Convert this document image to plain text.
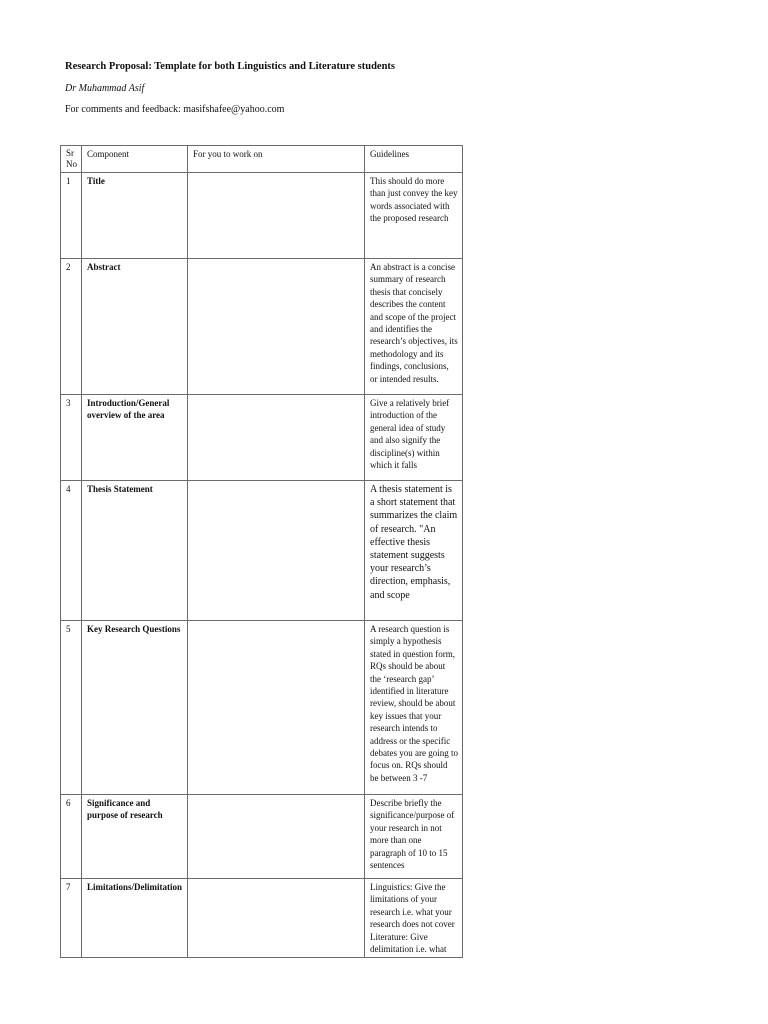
Research Proposal: Template for both Linguistics and Literature students
Dr Muhammad Asif
For comments and feedback: masifshafee@yahoo.com
Sr No	Component	For you to work on	Guidelines
1	Title		This should do more than just convey the key words associated with the proposed research
2	Abstract		An abstract is a concise summary of research thesis that concisely describes the content and scope of the project and identifies the research’s objectives, its methodology and its findings, conclusions, or intended results.
3	Introduction/General overview of the area		Give a relatively brief introduction of the general idea of study and also signify the discipline(s) within which it falls
4	Thesis Statement		A thesis statement is a short statement that summarizes the claim of research. "An effective thesis statement suggests your research’s direction, emphasis, and scope
5	Key Research Questions		A research question is simply a hypothesis stated in question form, RQs should be about the ‘research gap’ identified in literature review, should be about key issues that your research intends to address or the specific debates you are going to focus on. RQs should be between 3 -7
6	Significance and purpose of research		Describe briefly the significance/purpose of your research in not more than one paragraph of 10 to 15 sentences
7	Limitations/Delimitation		Linguistics: Give the limitations of your research i.e. what your research does not cover Literature: Give delimitation i.e. what
